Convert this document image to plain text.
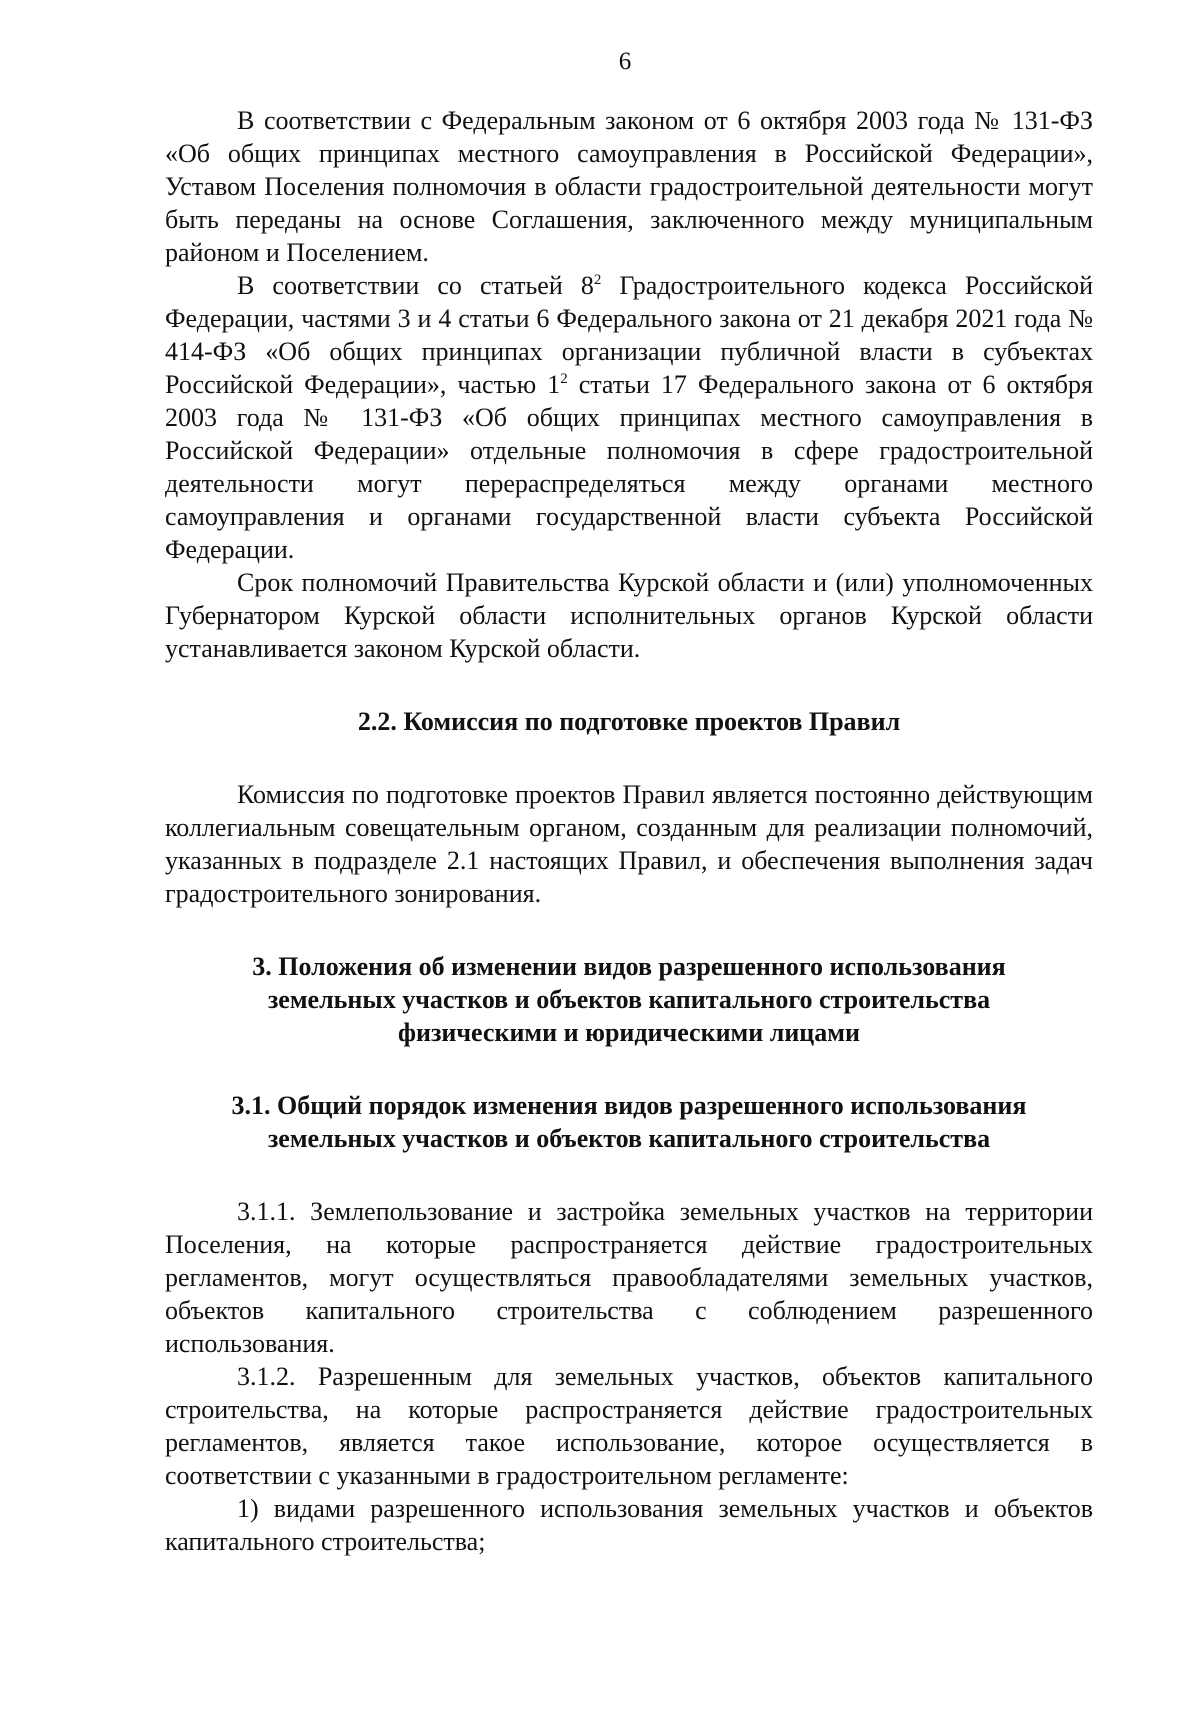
6

В соответствии с Федеральным законом от 6 октября 2003 года № 131-ФЗ «Об общих принципах местного самоуправления в Российской Федерации», Уставом Поселения полномочия в области градостроительной деятельности могут быть переданы на основе Соглашения, заключенного между муниципальным районом и Поселением.

В соответствии со статьей $8^2$ Градостроительного кодекса Российской Федерации, частями 3 и 4 статьи 6 Федерального закона от 21 декабря 2021 года № 414-ФЗ «Об общих принципах организации публичной власти в субъектах Российской Федерации», частью $1^2$ статьи 17 Федерального закона от 6 октября 2003 года № 131-ФЗ «Об общих принципах местного самоуправления в Российской Федерации» отдельные полномочия в сфере градостроительной деятельности могут перераспределяться между органами местного самоуправления и органами государственной власти субъекта Российской Федерации.

Срок полномочий Правительства Курской области и (или) уполномоченных Губернатором Курской области исполнительных органов Курской области устанавливается законом Курской области.

2.2. Комиссия по подготовке проектов Правил

Комиссия по подготовке проектов Правил является постоянно действующим коллегиальным совещательным органом, созданным для реализации полномочий, указанных в подразделе 2.1 настоящих Правил, и обеспечения выполнения задач градостроительного зонирования.

3. Положения об изменении видов разрешенного использования
земельных участков и объектов капитального строительства
физическими и юридическими лицами
3.1. Общий порядок изменения видов разрешенного использования
земельных участков и объектов капитального строительства

3.1.1. Землепользование и застройка земельных участков на территории Поселения, на которые распространяется действие градостроительных регламентов, могут осуществляться правообладателями земельных участков, объектов капитального строительства с соблюдением разрешенного использования.

3.1.2. Разрешенным для земельных участков, объектов капитального строительства, на которые распространяется действие градостроительных регламентов, является такое использование, которое осуществляется в соответствии с указанными в градостроительном регламенте:

1) видами разрешенного использования земельных участков и объектов капитального строительства;
